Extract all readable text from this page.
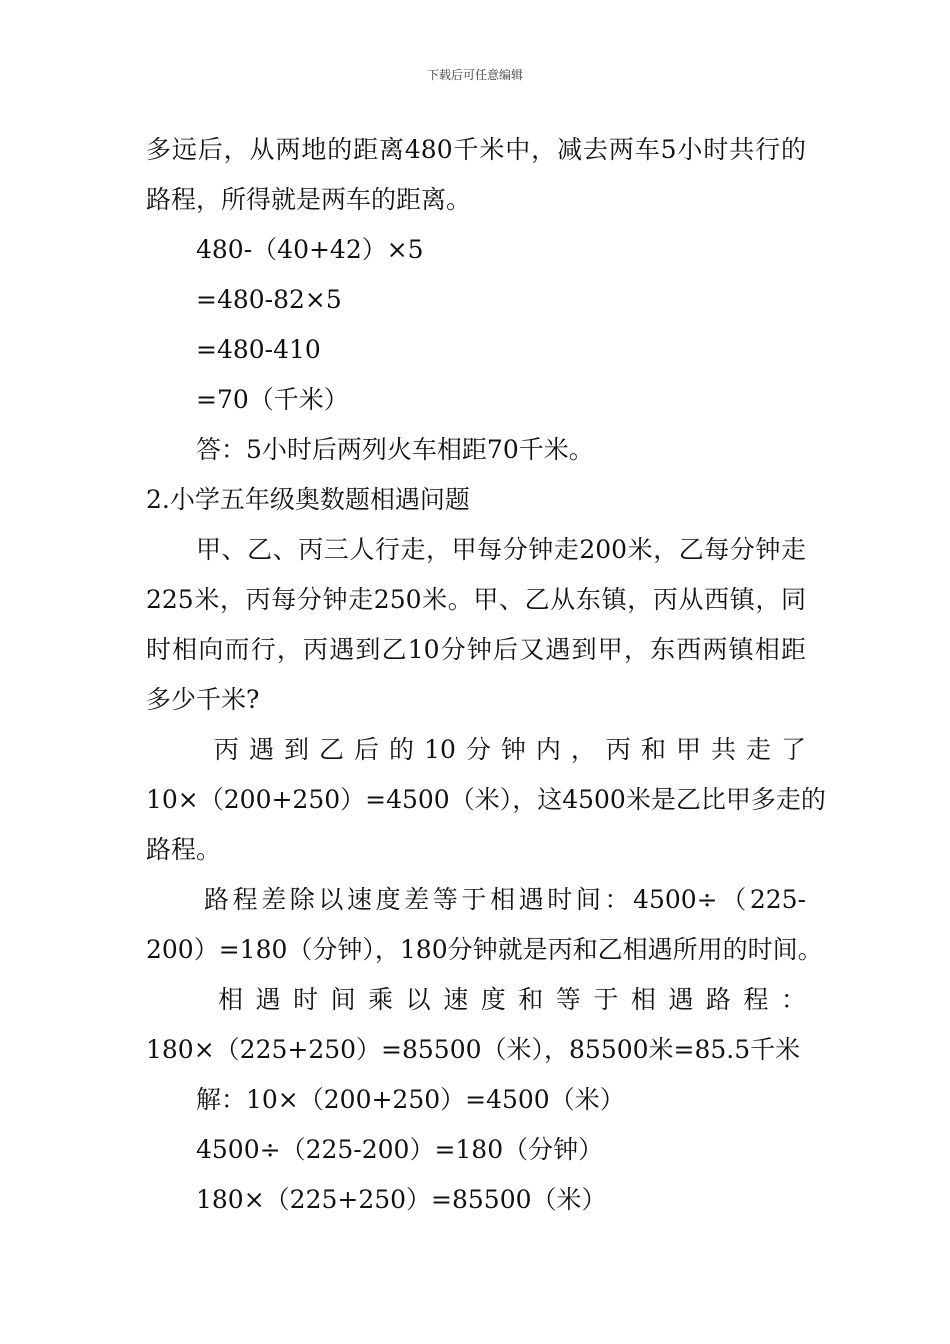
下载后可任意编辑
多远后，从两地的距离480千米中，减去两车5小时共行的
路程，所得就是两车的距离。
480-（40+42）×5
=480-82×5
=480-410
=70（千米）
答：5小时后两列火车相距70千米。
2.小学五年级奥数题相遇问题
甲、乙、丙三人行走，甲每分钟走200米，乙每分钟走
225米，丙每分钟走250米。甲、乙从东镇，丙从西镇，同
时相向而行，丙遇到乙10分钟后又遇到甲，东西两镇相距
多少千米?
丙遇到乙后的10分钟内，丙和甲共走了
10×（200+250）=4500（米），这4500米是乙比甲多走的
路程。
路程差除以速度差等于相遇时间：4500÷（225-
200）=180（分钟），180分钟就是丙和乙相遇所用的时间。
相遇时间乘以速度和等于相遇路程：
180×（225+250）=85500（米），85500米=85.5千米
解：10×（200+250）=4500（米）
4500÷（225-200）=180（分钟）
180×（225+250）=85500（米）
